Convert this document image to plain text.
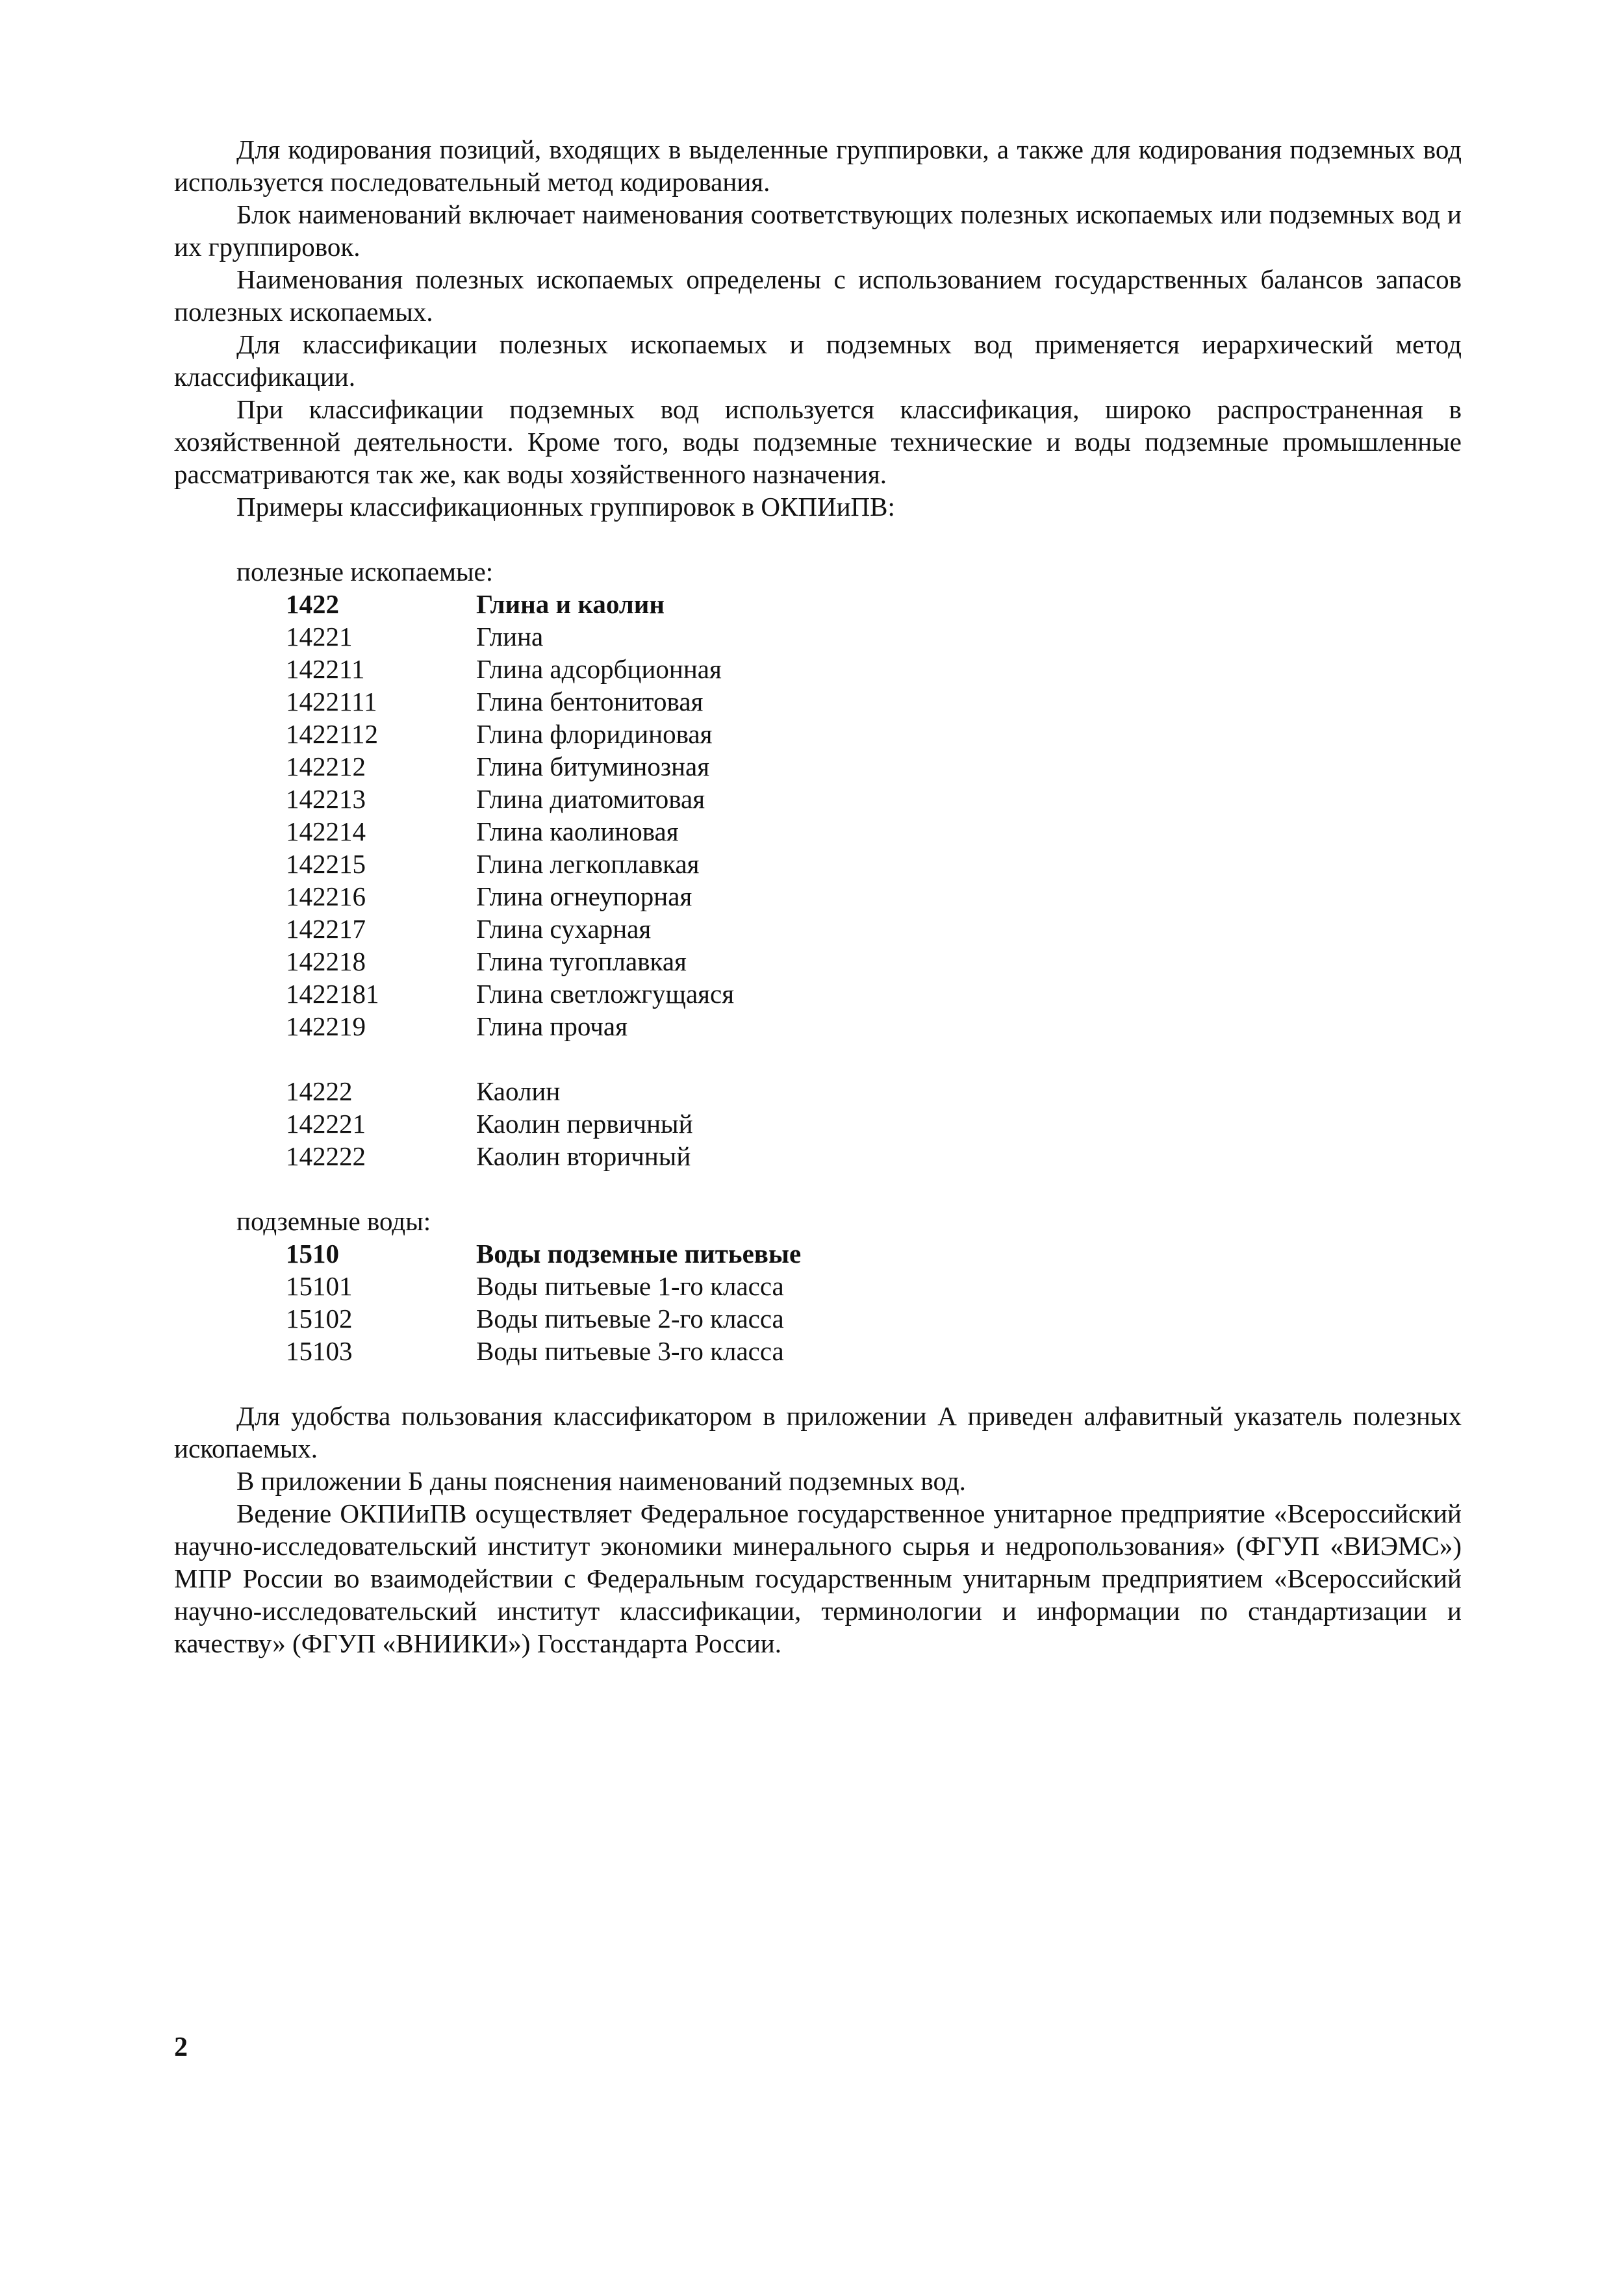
Для кодирования позиций, входящих в выделенные группировки, а также для кодирования подземных вод используется последовательный метод кодирования.

Блок наименований включает наименования соответствующих полезных ископаемых или подземных вод и их группировок.

Наименования полезных ископаемых определены с использованием государственных балансов запасов полезных ископаемых.

Для классификации полезных ископаемых и подземных вод применяется иерархический метод классификации.

При классификации подземных вод используется классификация, широко распространенная в хозяйственной деятельности. Кроме того, воды подземные технические и воды подземные промышленные рассматриваются так же, как воды хозяйственного назначения.

Примеры классификационных группировок в ОКПИиПВ:

полезные ископаемые:

1422	Глина и каолин
14221	Глина
142211	Глина адсорбционная
1422111	Глина бентонитовая
1422112	Глина флоридиновая
142212	Глина битуминозная
142213	Глина диатомитовая
142214	Глина каолиновая
142215	Глина легкоплавкая
142216	Глина огнеупорная
142217	Глина сухарная
142218	Глина тугоплавкая
1422181	Глина светложгущаяся
142219	Глина прочая
14222	Каолин
142221	Каолин первичный
142222	Каолин вторичный

подземные воды:

1510	Воды подземные питьевые
15101	Воды питьевые 1-го класса
15102	Воды питьевые 2-го класса
15103	Воды питьевые 3-го класса

Для удобства пользования классификатором в приложении А приведен алфавитный указатель полезных ископаемых.

В приложении Б даны пояснения наименований подземных вод.

Ведение ОКПИиПВ осуществляет Федеральное государственное унитарное предприятие «Всероссийский научно-исследовательский институт экономики минерального сырья и недропользования» (ФГУП «ВИЭМС») МПР России во взаимодействии с Федеральным государственным унитарным предприятием «Всероссийский научно-исследовательский институт классификации, терминологии и информации по стандартизации и качеству» (ФГУП «ВНИИКИ») Госстандарта России.

2
